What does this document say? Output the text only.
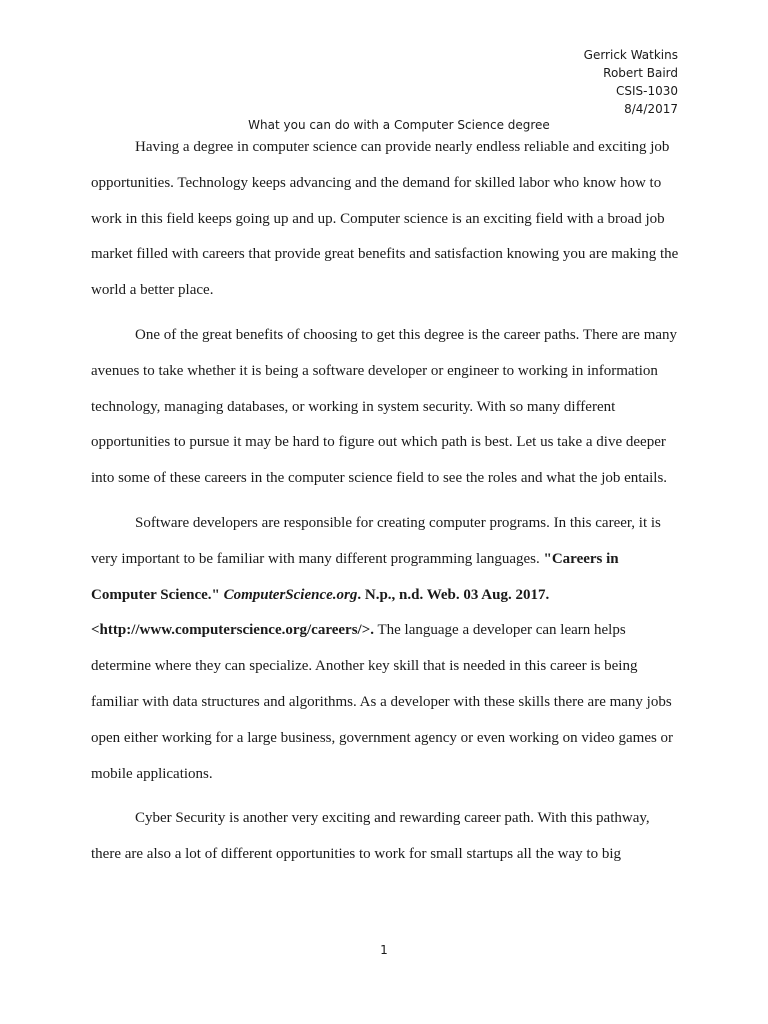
Gerrick Watkins
Robert Baird
CSIS-1030
8/4/2017
What you can do with a Computer Science degree

Having a degree in computer science can provide nearly endless reliable and exciting job opportunities. Technology keeps advancing and the demand for skilled labor who know how to work in this field keeps going up and up. Computer science is an exciting field with a broad job market filled with careers that provide great benefits and satisfaction knowing you are making the world a better place.

One of the great benefits of choosing to get this degree is the career paths. There are many avenues to take whether it is being a software developer or engineer to working in information technology, managing databases, or working in system security. With so many different opportunities to pursue it may be hard to figure out which path is best. Let us take a dive deeper into some of these careers in the computer science field to see the roles and what the job entails.

Software developers are responsible for creating computer programs. In this career, it is very important to be familiar with many different programming languages. "Careers in Computer Science." ComputerScience.org. N.p., n.d. Web. 03 Aug. 2017. <http://www.computerscience.org/careers/>. The language a developer can learn helps determine where they can specialize. Another key skill that is needed in this career is being familiar with data structures and algorithms. As a developer with these skills there are many jobs open either working for a large business, government agency or even working on video games or mobile applications.

Cyber Security is another very exciting and rewarding career path. With this pathway, there are also a lot of different opportunities to work for small startups all the way to big

1
